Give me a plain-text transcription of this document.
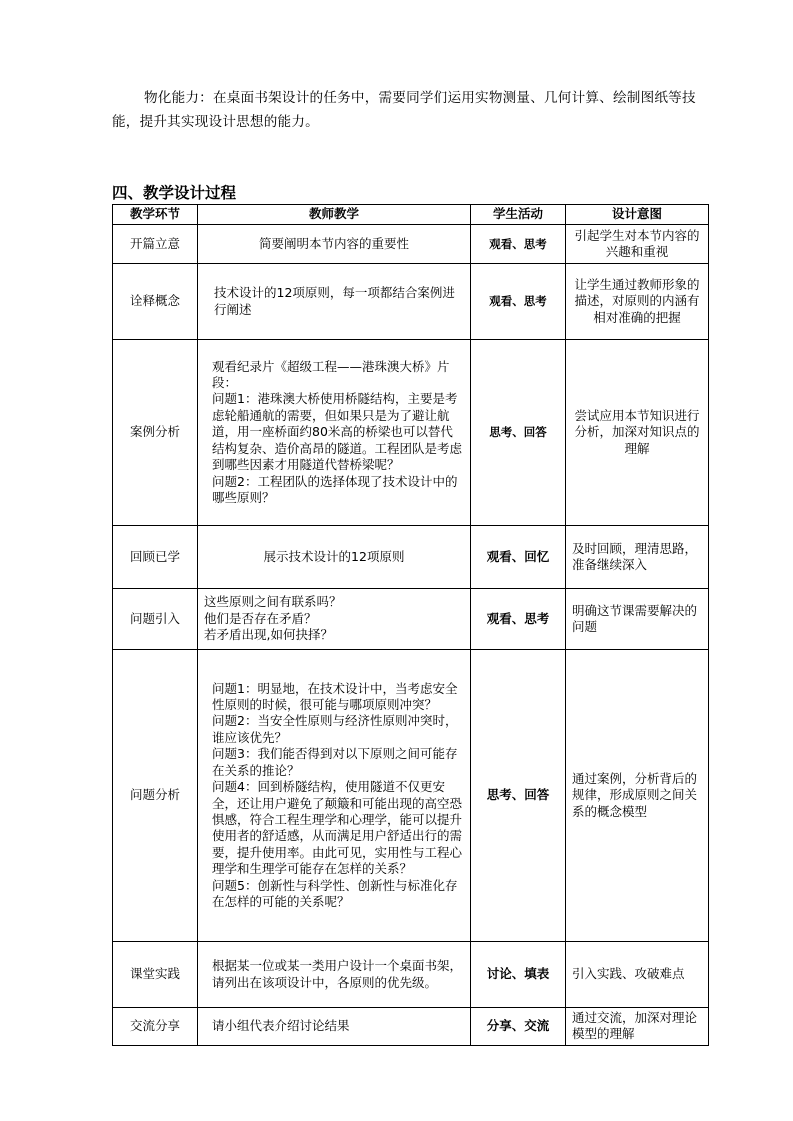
物化能力：在桌面书架设计的任务中，需要同学们运用实物测量、几何计算、绘制图纸等技能，提升其实现设计思想的能力。
四、教学设计过程
教学环节	教师教学	学生活动	设计意图
开篇立意	简要阐明本节内容的重要性	观看、思考	引起学生对本节内容的兴趣和重视
诠释概念	技术设计的12项原则，每一项都结合案例进行阐述	观看、思考	让学生通过教师形象的描述，对原则的内涵有相对准确的把握
案例分析	观看纪录片《超级工程——港珠澳大桥》片段：
问题1：港珠澳大桥使用桥隧结构，主要是考虑轮船通航的需要，但如果只是为了避让航道，用一座桥面约80米高的桥梁也可以替代结构复杂、造价高昂的隧道。工程团队是考虑到哪些因素才用隧道代替桥梁呢？
问题2：工程团队的选择体现了技术设计中的哪些原则？	思考、回答	尝试应用本节知识进行分析，加深对知识点的理解
回顾已学	展示技术设计的12项原则	观看、回忆	及时回顾，理清思路，准备继续深入
问题引入	这些原则之间有联系吗？
他们是否存在矛盾？
若矛盾出现,如何抉择？	观看、思考	明确这节课需要解决的问题
问题分析	问题1：明显地，在技术设计中，当考虑安全性原则的时候，很可能与哪项原则冲突？
问题2：当安全性原则与经济性原则冲突时，谁应该优先？
问题3：我们能否得到对以下原则之间可能存在关系的推论？
问题4：回到桥隧结构，使用隧道不仅更安全，还让用户避免了颠簸和可能出现的高空恐惧感，符合工程生理学和心理学，能可以提升使用者的舒适感，从而满足用户舒适出行的需要，提升使用率。由此可见，实用性与工程心理学和生理学可能存在怎样的关系？
问题5：创新性与科学性、创新性与标准化存在怎样的可能的关系呢？	思考、回答	通过案例，分析背后的规律，形成原则之间关系的概念模型
课堂实践	根据某一位或某一类用户设计一个桌面书架，请列出在该项设计中，各原则的优先级。	讨论、填表	引入实践、攻破难点
交流分享	请小组代表介绍讨论结果	分享、交流	通过交流，加深对理论模型的理解
